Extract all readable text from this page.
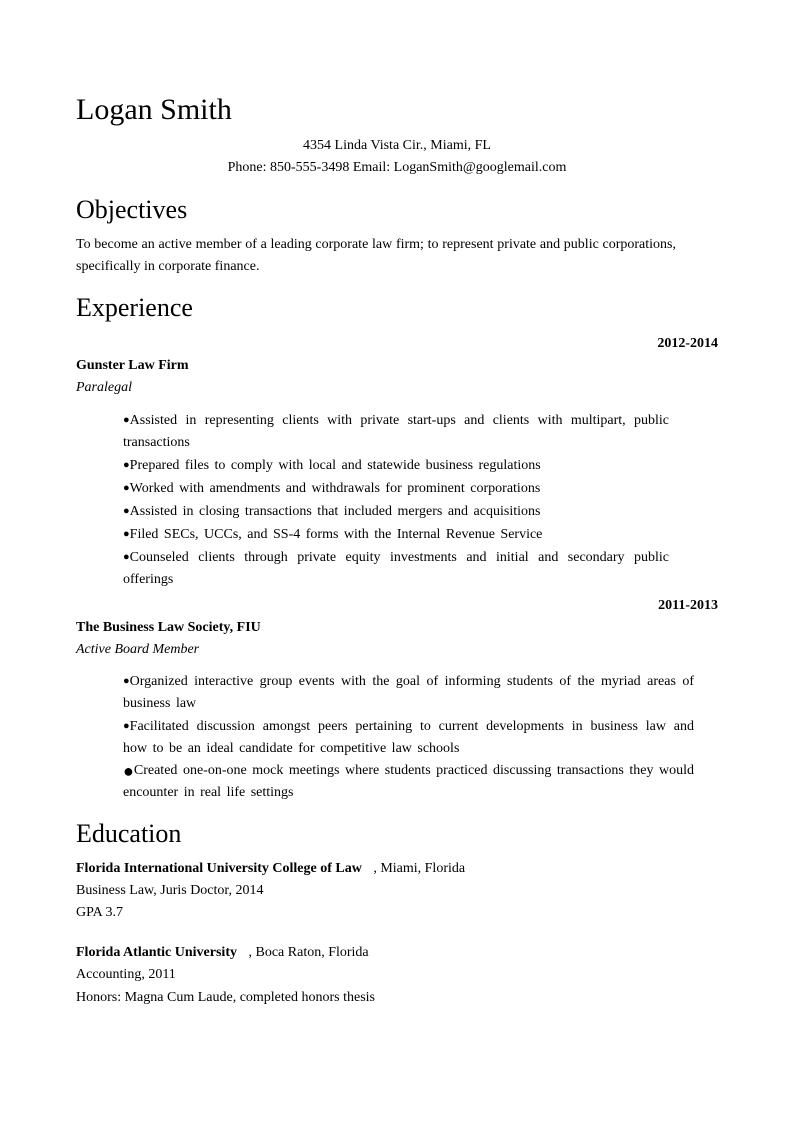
Logan Smith
4354 Linda Vista Cir., Miami, FL
Phone: 850-555-3498 Email: LoganSmith@googlemail.com
Objectives
To become an active member of a leading corporate law firm; to represent private and public corporations, specifically in corporate finance.
Experience
2012-2014
Gunster Law Firm
Paralegal
●Assisted in representing clients with private start-ups and clients with multipart, public transactions
●Prepared files to comply with local and statewide business regulations
●Worked with amendments and withdrawals for prominent corporations
●Assisted in closing transactions that included mergers and acquisitions
●Filed SECs, UCCs, and SS-4 forms with the Internal Revenue Service
●Counseled clients through private equity investments and initial and secondary public offerings
2011-2013
The Business Law Society, FIU
Active Board Member
●Organized interactive group events with the goal of informing students of the myriad areas of business law
●Facilitated discussion amongst peers pertaining to current developments in business law and how to be an ideal candidate for competitive law schools
●Created one-on-one mock meetings where students practiced discussing transactions they would encounter in real life settings
Education
Florida International University College of Law , Miami, Florida
Business Law, Juris Doctor, 2014
GPA 3.7
Florida Atlantic University , Boca Raton, Florida
Accounting, 2011
Honors: Magna Cum Laude, completed honors thesis
